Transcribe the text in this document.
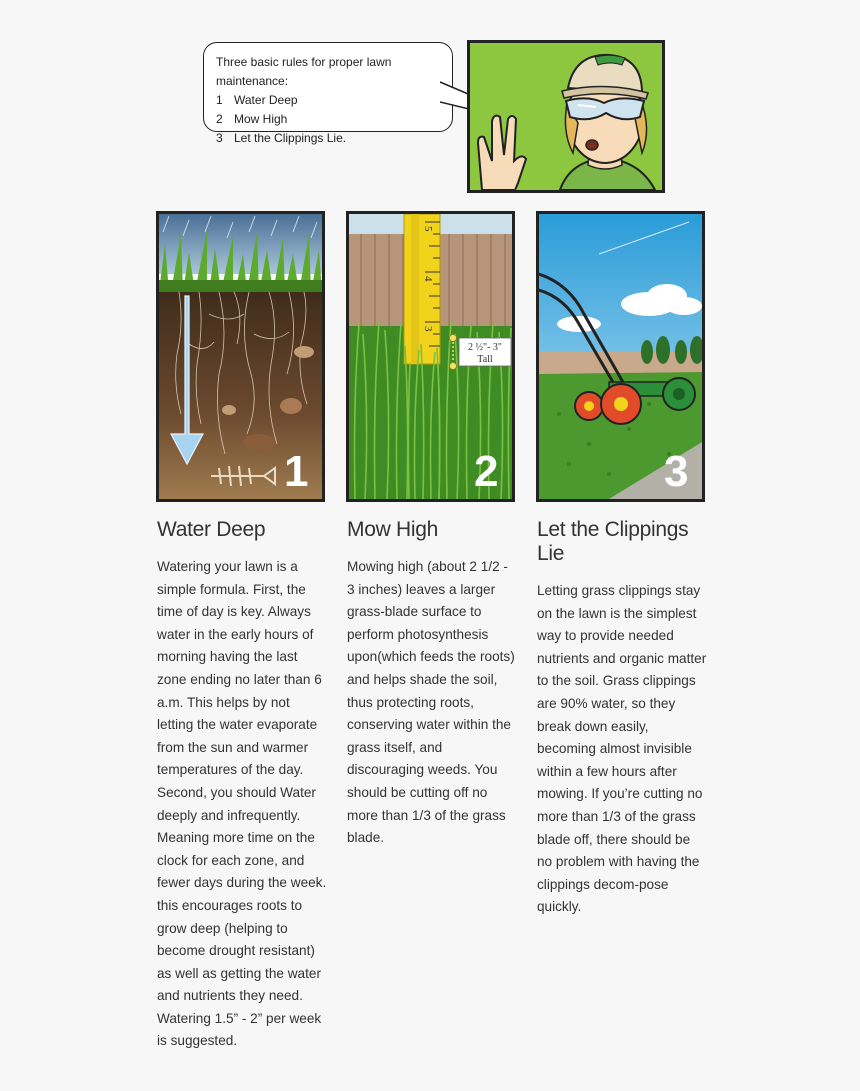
Three basic rules for proper lawn maintenance:
1 Water Deep
2 Mow High
3 Let the Clippings Lie.
1
5
4
3
2 ½"- 3"
Tall
2	3
Water Deep

Watering your lawn is a simple formula. First, the time of day is key. Always water in the early hours of morning having the last zone ending no later than 6 a.m. This helps by not letting the water evaporate from the sun and warmer temperatures of the day. Second, you should Water deeply and infrequently. Meaning more time on the clock for each zone, and fewer days during the week. this encourages roots to grow deep (helping to become drought resistant) as well as getting the water and nutrients they need. Watering 1.5” - 2” per week is suggested.

Mow High

Mowing high (about 2 1/2 - 3 inches) leaves a larger grass-blade surface to perform photosynthesis upon(which feeds the roots) and helps shade the soil, thus protecting roots, conserving water within the grass itself, and discouraging weeds. You should be cutting off no more than 1/3 of the grass blade.

Let the Clippings Lie

Letting grass clippings stay on the lawn is the simplest way to provide needed nutrients and organic matter to the soil. Grass clippings are 90% water, so they break down easily, becoming almost invisible within a few hours after mowing. If you’re cutting no more than 1/3 of the grass blade off, there should be no problem with having the clippings decom-pose quickly.
